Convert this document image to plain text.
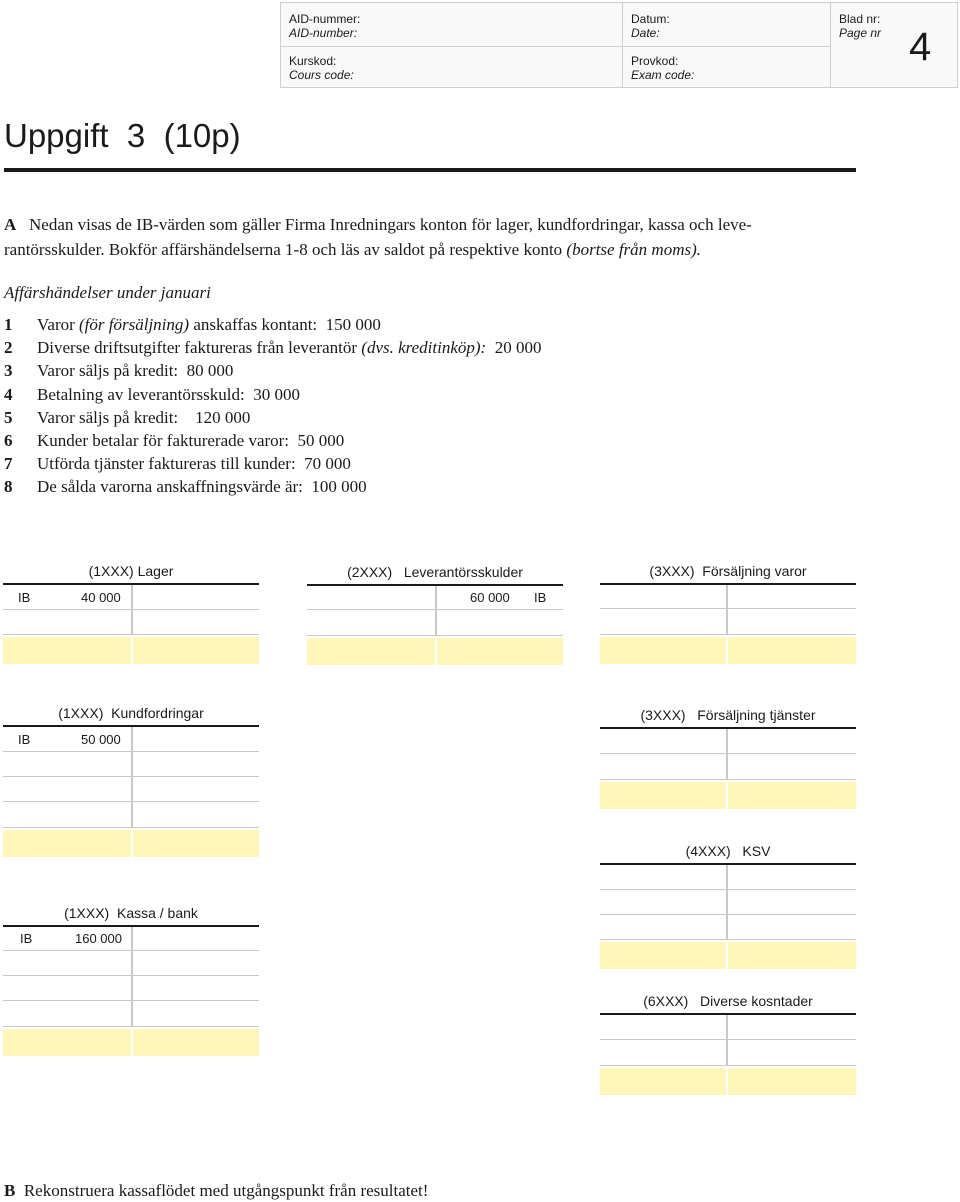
AID-nummer:
AID-number:
Datum:
Date:
Blad nr:
Page nr
Kurskod:
Cours code:
Provkod:
Exam code:
4
Uppgift  3  (10p)
A Nedan visas de IB-värden som gäller Firma Inredningars konton för lager, kundfordringar, kassa och leve-
rantörsskulder. Bokför affärshändelserna 1-8 och läs av saldot på respektive konto (bortse från moms).
Affärshändelser under januari
1 Varor (för försäljning) anskaffas kontant:  150 000
2 Diverse driftsutgifter faktureras från leverantör (dvs. kreditinköp):  20 000
3 Varor säljs på kredit:  80 000
4 Betalning av leverantörsskuld:  30 000
5 Varor säljs på kredit:    120 000
6 Kunder betalar för fakturerade varor:  50 000
7 Utförda tjänster faktureras till kunder:  70 000
8 De sålda varorna anskaffningsvärde är:  100 000
(1XXX) Lager
IB	40 000
(2XXX)   Leverantörsskulder
60 000 IB
(3XXX)  Försäljning varor
(1XXX)  Kundfordringar
IB	50 000
(3XXX)   Försäljning tjänster
(4XXX)   KSV
(1XXX)  Kassa / bank
IB	160 000
(6XXX)   Diverse kosntader
B Rekonstruera kassaflödet med utgångspunkt från resultatet!
